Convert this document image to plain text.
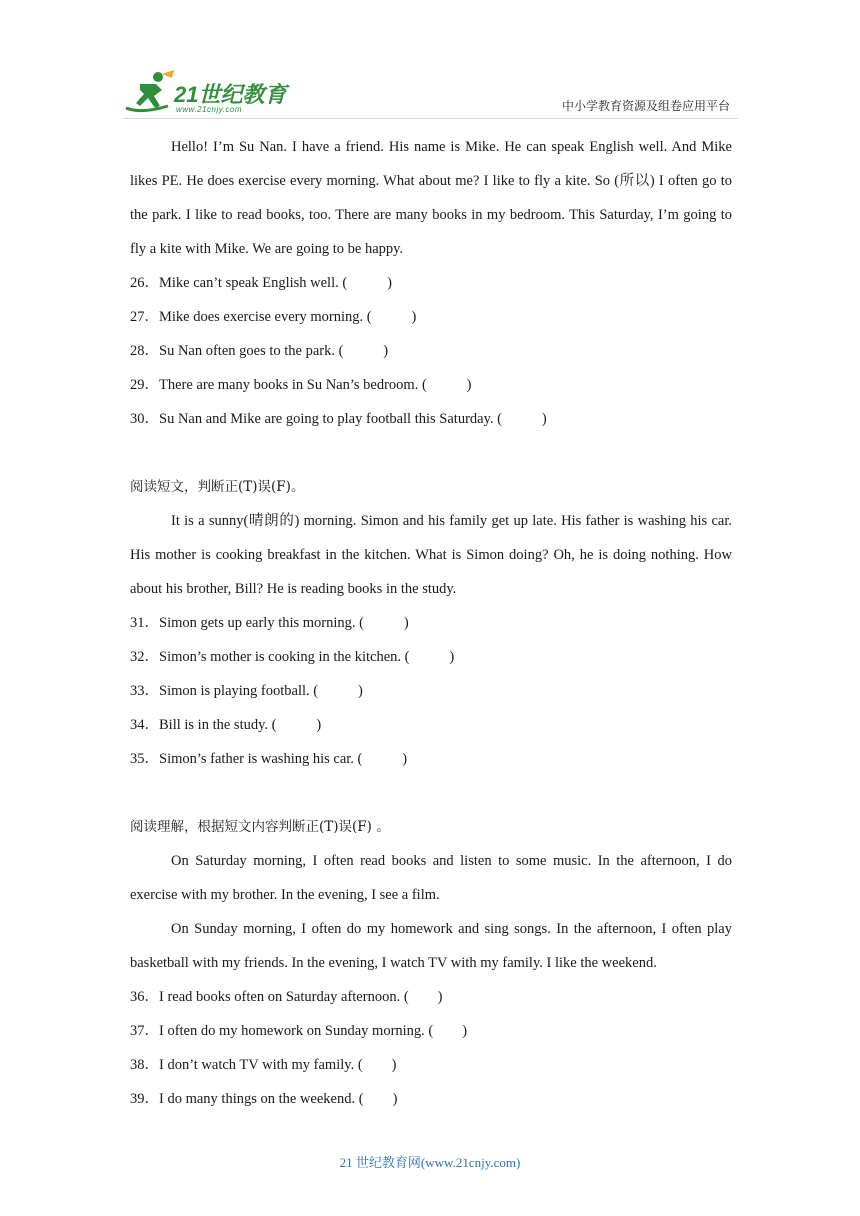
21世纪教育
www.21cnjy.com	中小学教育资源及组卷应用平台

Hello! I’m Su Nan. I have a friend. His name is Mike. He can speak English well. And Mike likes PE. He does exercise every morning. What about me? I like to fly a kite. So (所以) I often go to the park. I like to read books, too. There are many books in my bedroom. This Saturday, I’m going to fly a kite with Mike. We are going to be happy.

26．Mike can’t speak English well. (           )

27．Mike does exercise every morning. (           )

28．Su Nan often goes to the park. (           )

29．There are many books in Su Nan’s bedroom. (           )

30．Su Nan and Mike are going to play football this Saturday. (           )

阅读短文，判断正(T)误(F)。

It is a sunny(晴朗的) morning. Simon and his family get up late. His father is washing his car. His mother is cooking breakfast in the kitchen. What is Simon doing? Oh, he is doing nothing. How about his brother, Bill? He is reading books in the study.

31．Simon gets up early this morning. (           )

32．Simon’s mother is cooking in the kitchen. (           )

33．Simon is playing football. (           )

34．Bill is in the study. (           )

35．Simon’s father is washing his car. (           )

阅读理解，根据短文内容判断正(T)误(F) 。

On Saturday morning, I often read books and listen to some music. In the afternoon, I do exercise with my brother. In the evening, I see a film.

On Sunday morning, I often do my homework and sing songs. In the afternoon, I often play basketball with my friends. In the evening, I watch TV with my family. I like the weekend.

36．I read books often on Saturday afternoon. (        )

37．I often do my homework on Sunday morning. (        )

38．I don’t watch TV with my family. (        )

39．I do many things on the weekend. (        )

21 世纪教育网(www.21cnjy.com)
